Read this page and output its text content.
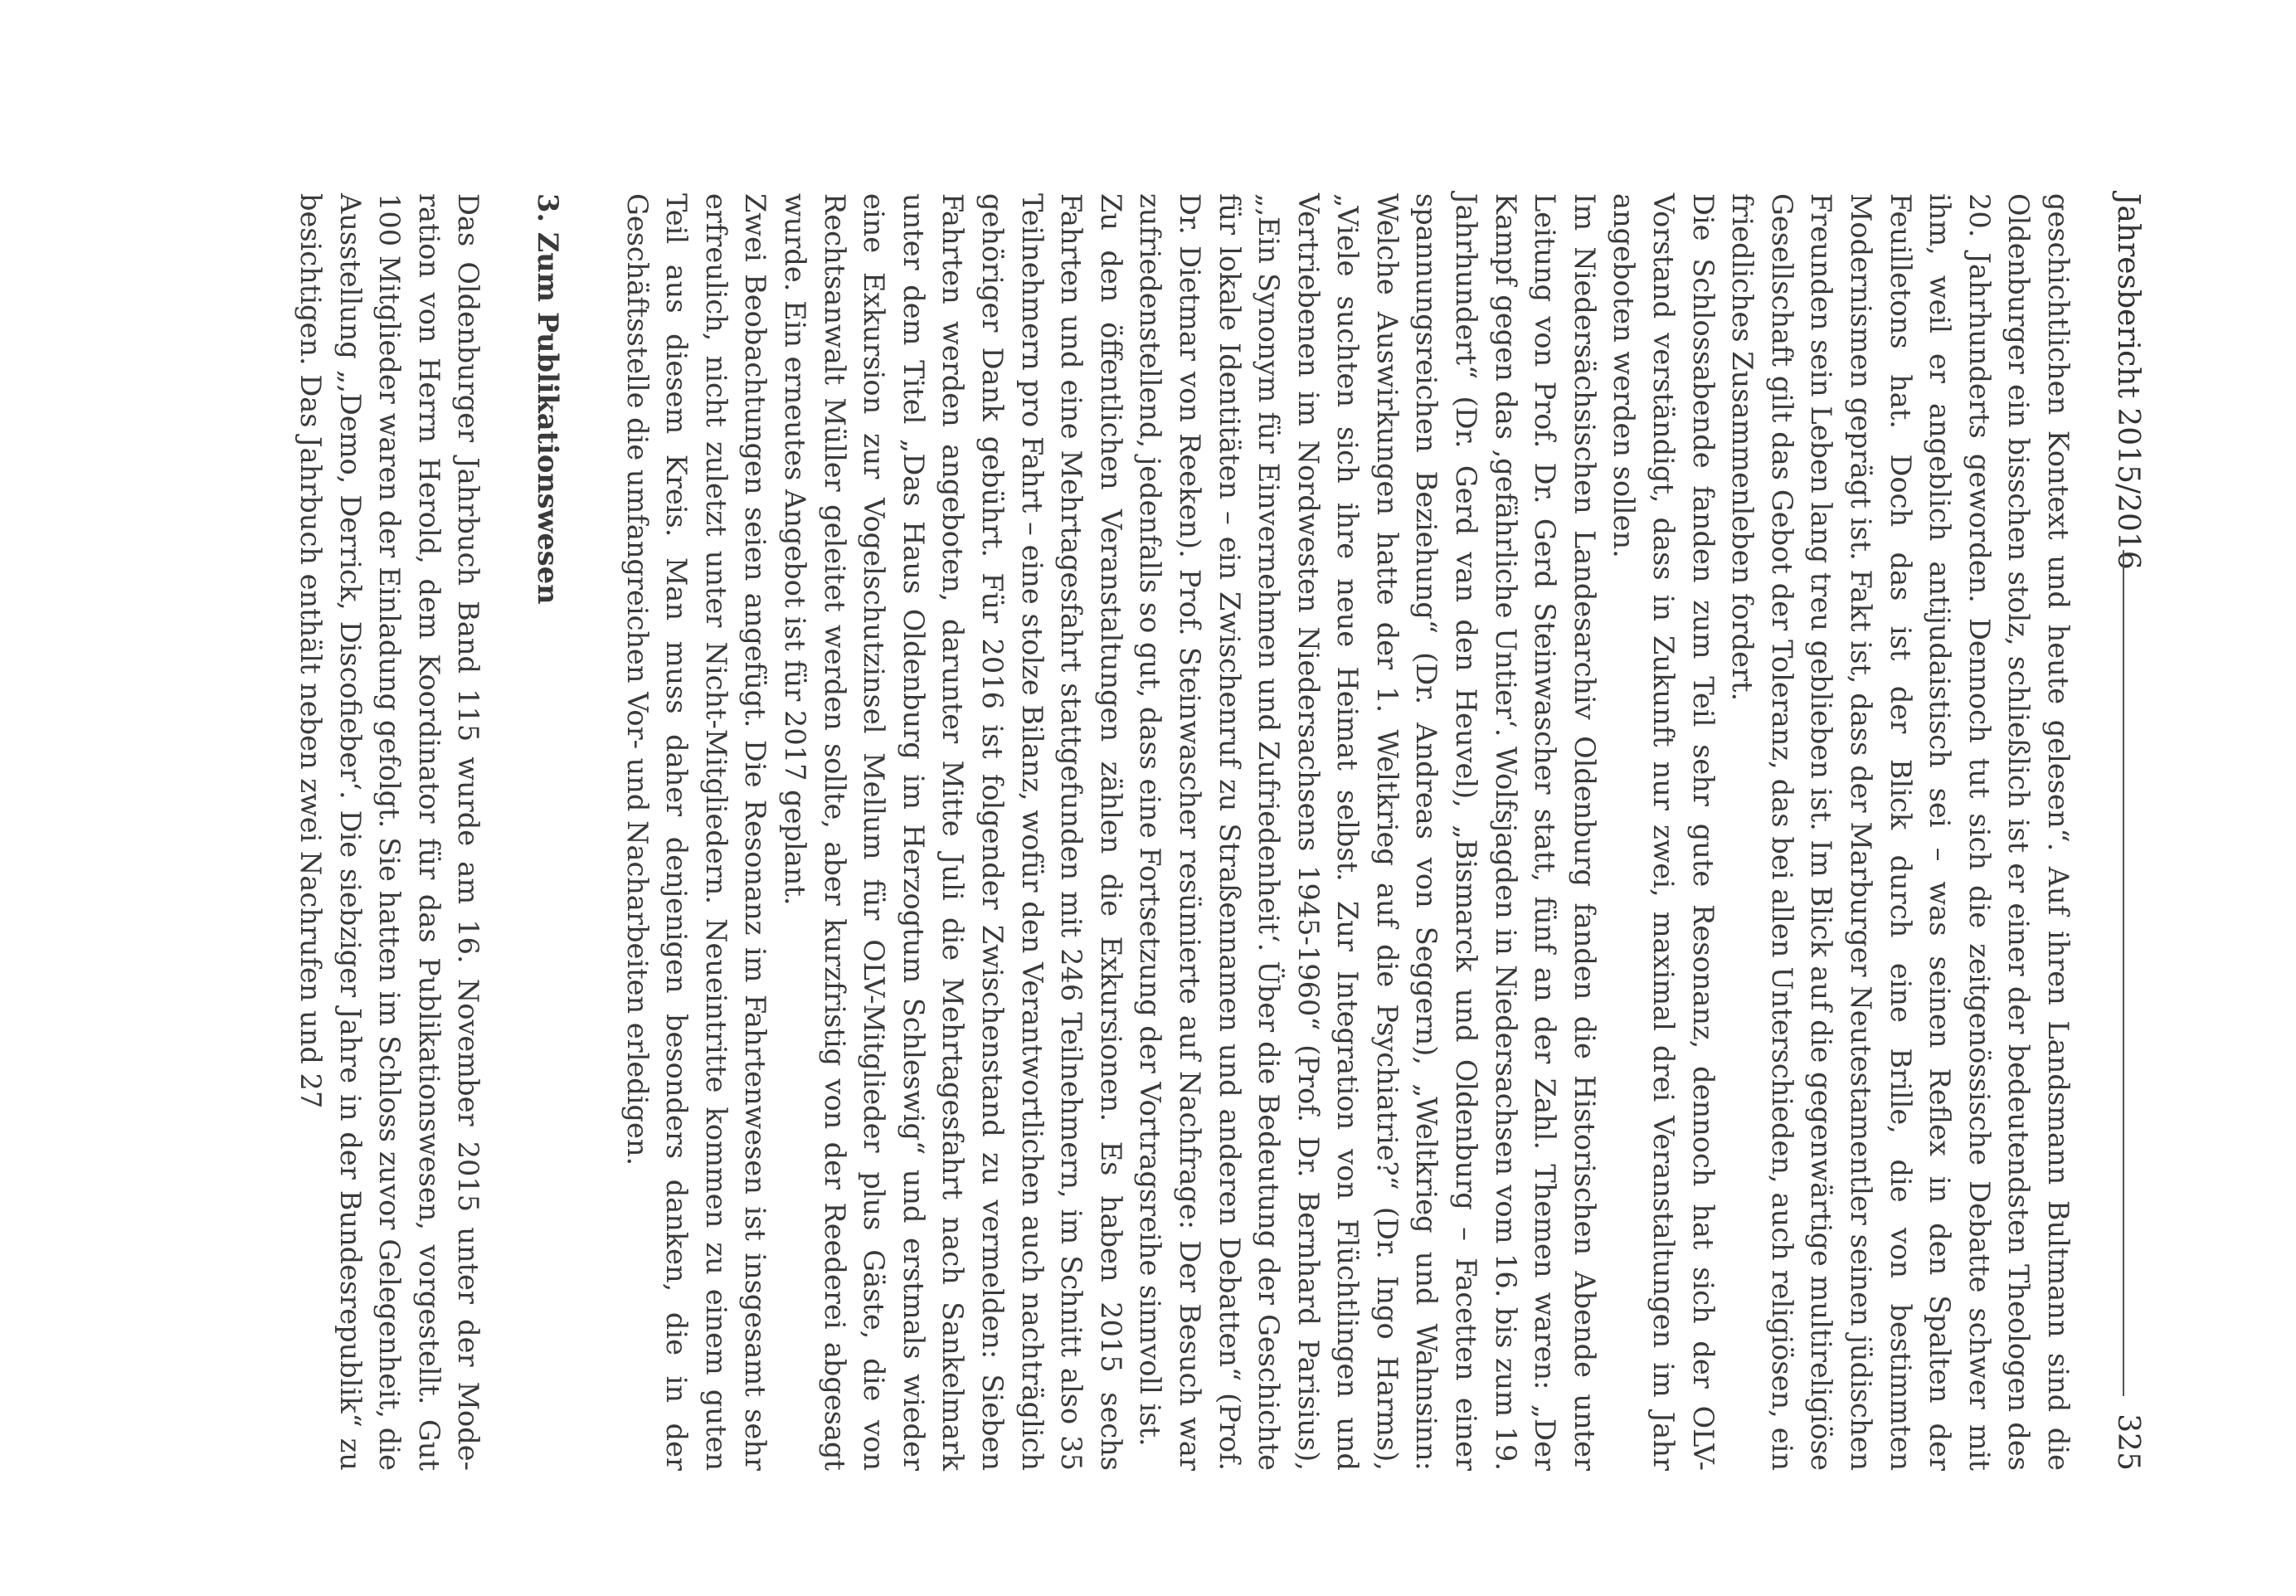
Jahresbericht 2015/2016
325

geschichtlichen Kontext und heute gelesen“. Auf ihren Landsmann Bultmann sind die Oldenburger ein bisschen stolz, schließlich ist er einer der bedeutendsten Theologen des 20. Jahrhunderts geworden. Dennoch tut sich die zeitgenössische Debatte schwer mit ihm, weil er angeblich antijudaistisch sei – was seinen Reflex in den Spalten der Feuilletons hat. Doch das ist der Blick durch eine Brille, die von bestimmten Modernismen geprägt ist. Fakt ist, dass der Marburger Neutestamentler seinen jüdischen Freunden sein Leben lang treu geblieben ist. Im Blick auf die gegenwärtige multireligiöse Gesellschaft gilt das Gebot der Toleranz, das bei allen Unterschieden, auch religiösen, ein friedliches Zusammenleben fordert.

Die Schlossabende fanden zum Teil sehr gute Resonanz, dennoch hat sich der OLV-Vorstand verständigt, dass in Zukunft nur zwei, maximal drei Veranstaltungen im Jahr angeboten werden sollen.

Im Niedersächsischen Landesarchiv Oldenburg fanden die Historischen Abende unter Leitung von Prof. Dr. Gerd Steinwascher statt, fünf an der Zahl. Themen waren: „Der Kampf gegen das ‚gefährliche Untier‘. Wolfsjagden in Niedersachsen vom 16. bis zum 19. Jahrhundert“ (Dr. Gerd van den Heuvel), „Bismarck und Oldenburg – Facetten einer spannungsreichen Beziehung“ (Dr. Andreas von Seggern), „Weltkrieg und Wahnsinn: Welche Auswirkungen hatte der 1. Weltkrieg auf die Psychiatrie?“ (Dr. Ingo Harms), „Viele suchten sich ihre neue Heimat selbst. Zur Integration von Flüchtlingen und Vertriebenen im Nordwesten Niedersachsens 1945-1960“ (Prof. Dr. Bernhard Parisius), „‚Ein Synonym für Einvernehmen und Zufriedenheit‘. Über die Bedeutung der Geschichte für lokale Identitäten – ein Zwischenruf zu Straßennamen und anderen Debatten“ (Prof. Dr. Dietmar von Reeken). Prof. Steinwascher resümierte auf Nachfrage: Der Besuch war zufriedenstellend, jedenfalls so gut, dass eine Fortsetzung der Vortragsreihe sinnvoll ist.

Zu den öffentlichen Veranstaltungen zählen die Exkursionen. Es haben 2015 sechs Fahrten und eine Mehrtagesfahrt stattgefunden mit 246 Teilnehmern, im Schnitt also 35 Teilnehmern pro Fahrt – eine stolze Bilanz, wofür den Verantwortlichen auch nachträglich gehöriger Dank gebührt. Für 2016 ist folgender Zwischenstand zu vermelden: Sieben Fahrten werden angeboten, darunter Mitte Juli die Mehrtagesfahrt nach Sankelmark unter dem Titel „Das Haus Oldenburg im Herzogtum Schleswig“ und erstmals wieder eine Exkursion zur Vogelschutzinsel Mellum für OLV-Mitglieder plus Gäste, die von Rechtsanwalt Müller geleitet werden sollte, aber kurzfristig von der Reederei abgesagt wurde. Ein erneutes Angebot ist für 2017 geplant.

Zwei Beobachtungen seien angefügt. Die Resonanz im Fahrtenwesen ist insgesamt sehr erfreulich, nicht zuletzt unter Nicht-Mitgliedern. Neueintritte kommen zu einem guten Teil aus diesem Kreis. Man muss daher denjenigen besonders danken, die in der Geschäftsstelle die umfangreichen Vor- und Nacharbeiten erledigen.

3. Zum Publikationswesen

Das Oldenburger Jahrbuch Band 115 wurde am 16. November 2015 unter der Moderation von Herrn Herold, dem Koordinator für das Publikationswesen, vorgestellt. Gut 100 Mitglieder waren der Einladung gefolgt. Sie hatten im Schloss zuvor Gelegenheit, die Ausstellung „‚Demo, Derrick, Discofieber‘. Die siebziger Jahre in der Bundesrepublik“ zu besichtigen. Das Jahrbuch enthält neben zwei Nachrufen und 27
